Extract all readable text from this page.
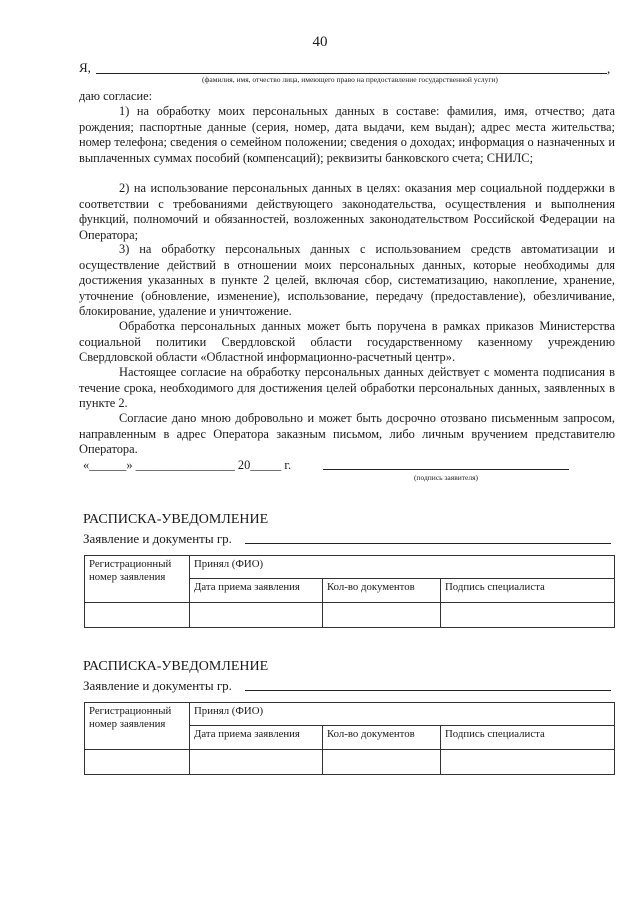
40
Я,	,
(фамилия, имя, отчество лица, имеющего право на предоставление государственной услуги)
даю согласие:
1) на обработку моих персональных данных в составе: фамилия, имя, отчество; дата рождения; паспортные данные (серия, номер, дата выдачи, кем выдан); адрес места жительства; номер телефона; сведения о семейном положении; сведения о доходах; информация о назначенных и выплаченных суммах пособий (компенсаций); реквизиты банковского счета; СНИЛС;
2) на использование персональных данных в целях: оказания мер социальной поддержки в соответствии с требованиями действующего законодательства, осуществления и выполнения функций, полномочий и обязанностей, возложенных законодательством Российской Федерации на Оператора;
3) на обработку персональных данных с использованием средств автоматизации и осуществление действий в отношении моих персональных данных, которые необходимы для достижения указанных в пункте 2 целей, включая сбор, систематизацию, накопление, хранение, уточнение (обновление, изменение), использование, передачу (предоставление), обезличивание, блокирование, удаление и уничтожение.
Обработка персональных данных может быть поручена в рамках приказов Министерства социальной политики Свердловской области государственному казенному учреждению Свердловской области «Областной информационно-расчетный центр».
Настоящее согласие на обработку персональных данных действует с момента подписания в течение срока, необходимого для достижения целей обработки персональных данных, заявленных в пункте 2.
Согласие дано мною добровольно и может быть досрочно отозвано письменным запросом, направленным в адрес Оператора заказным письмом, либо личным вручением представителю Оператора.
«______» ________________ 20_____ г.
(подпись заявителя)
РАСПИСКА-УВЕДОМЛЕНИЕ
Заявление и документы гр.
Регистрационный номер заявления	Принял (ФИО)		
	Дата приема заявления	Кол-во документов	Подпись специалиста

РАСПИСКА-УВЕДОМЛЕНИЕ
Заявление и документы гр.
Регистрационный номер заявления	Принял (ФИО)		
	Дата приема заявления	Кол-во документов	Подпись специалиста
